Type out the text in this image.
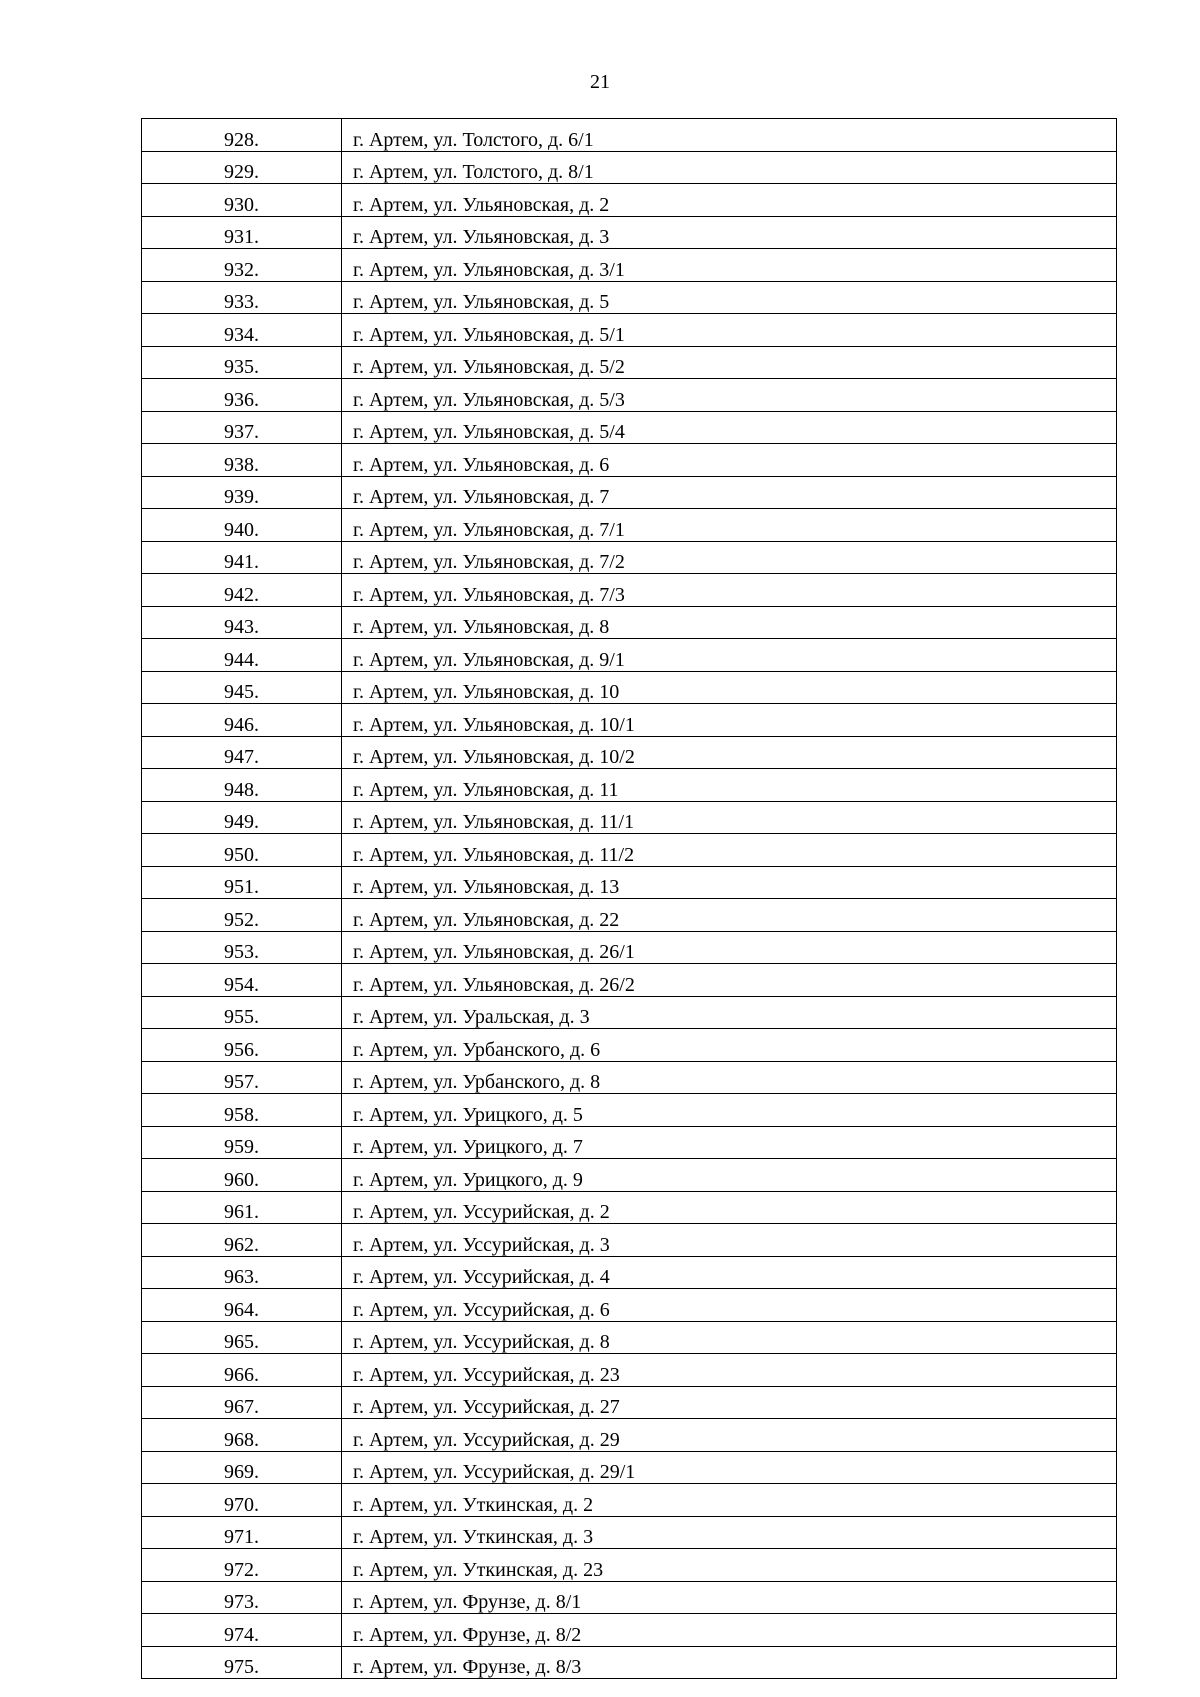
21
928.	г. Артем, ул. Толстого, д. 6/1
929.	г. Артем, ул. Толстого, д. 8/1
930.	г. Артем, ул. Ульяновская, д. 2
931.	г. Артем, ул. Ульяновская, д. 3
932.	г. Артем, ул. Ульяновская, д. 3/1
933.	г. Артем, ул. Ульяновская, д. 5
934.	г. Артем, ул. Ульяновская, д. 5/1
935.	г. Артем, ул. Ульяновская, д. 5/2
936.	г. Артем, ул. Ульяновская, д. 5/3
937.	г. Артем, ул. Ульяновская, д. 5/4
938.	г. Артем, ул. Ульяновская, д. 6
939.	г. Артем, ул. Ульяновская, д. 7
940.	г. Артем, ул. Ульяновская, д. 7/1
941.	г. Артем, ул. Ульяновская, д. 7/2
942.	г. Артем, ул. Ульяновская, д. 7/3
943.	г. Артем, ул. Ульяновская, д. 8
944.	г. Артем, ул. Ульяновская, д. 9/1
945.	г. Артем, ул. Ульяновская, д. 10
946.	г. Артем, ул. Ульяновская, д. 10/1
947.	г. Артем, ул. Ульяновская, д. 10/2
948.	г. Артем, ул. Ульяновская, д. 11
949.	г. Артем, ул. Ульяновская, д. 11/1
950.	г. Артем, ул. Ульяновская, д. 11/2
951.	г. Артем, ул. Ульяновская, д. 13
952.	г. Артем, ул. Ульяновская, д. 22
953.	г. Артем, ул. Ульяновская, д. 26/1
954.	г. Артем, ул. Ульяновская, д. 26/2
955.	г. Артем, ул. Уральская, д. 3
956.	г. Артем, ул. Урбанского, д. 6
957.	г. Артем, ул. Урбанского, д. 8
958.	г. Артем, ул. Урицкого, д. 5
959.	г. Артем, ул. Урицкого, д. 7
960.	г. Артем, ул. Урицкого, д. 9
961.	г. Артем, ул. Уссурийская, д. 2
962.	г. Артем, ул. Уссурийская, д. 3
963.	г. Артем, ул. Уссурийская, д. 4
964.	г. Артем, ул. Уссурийская, д. 6
965.	г. Артем, ул. Уссурийская, д. 8
966.	г. Артем, ул. Уссурийская, д. 23
967.	г. Артем, ул. Уссурийская, д. 27
968.	г. Артем, ул. Уссурийская, д. 29
969.	г. Артем, ул. Уссурийская, д. 29/1
970.	г. Артем, ул. Уткинская, д. 2
971.	г. Артем, ул. Уткинская, д. 3
972.	г. Артем, ул. Уткинская, д. 23
973.	г. Артем, ул. Фрунзе, д. 8/1
974.	г. Артем, ул. Фрунзе, д. 8/2
975.	г. Артем, ул. Фрунзе, д. 8/3
